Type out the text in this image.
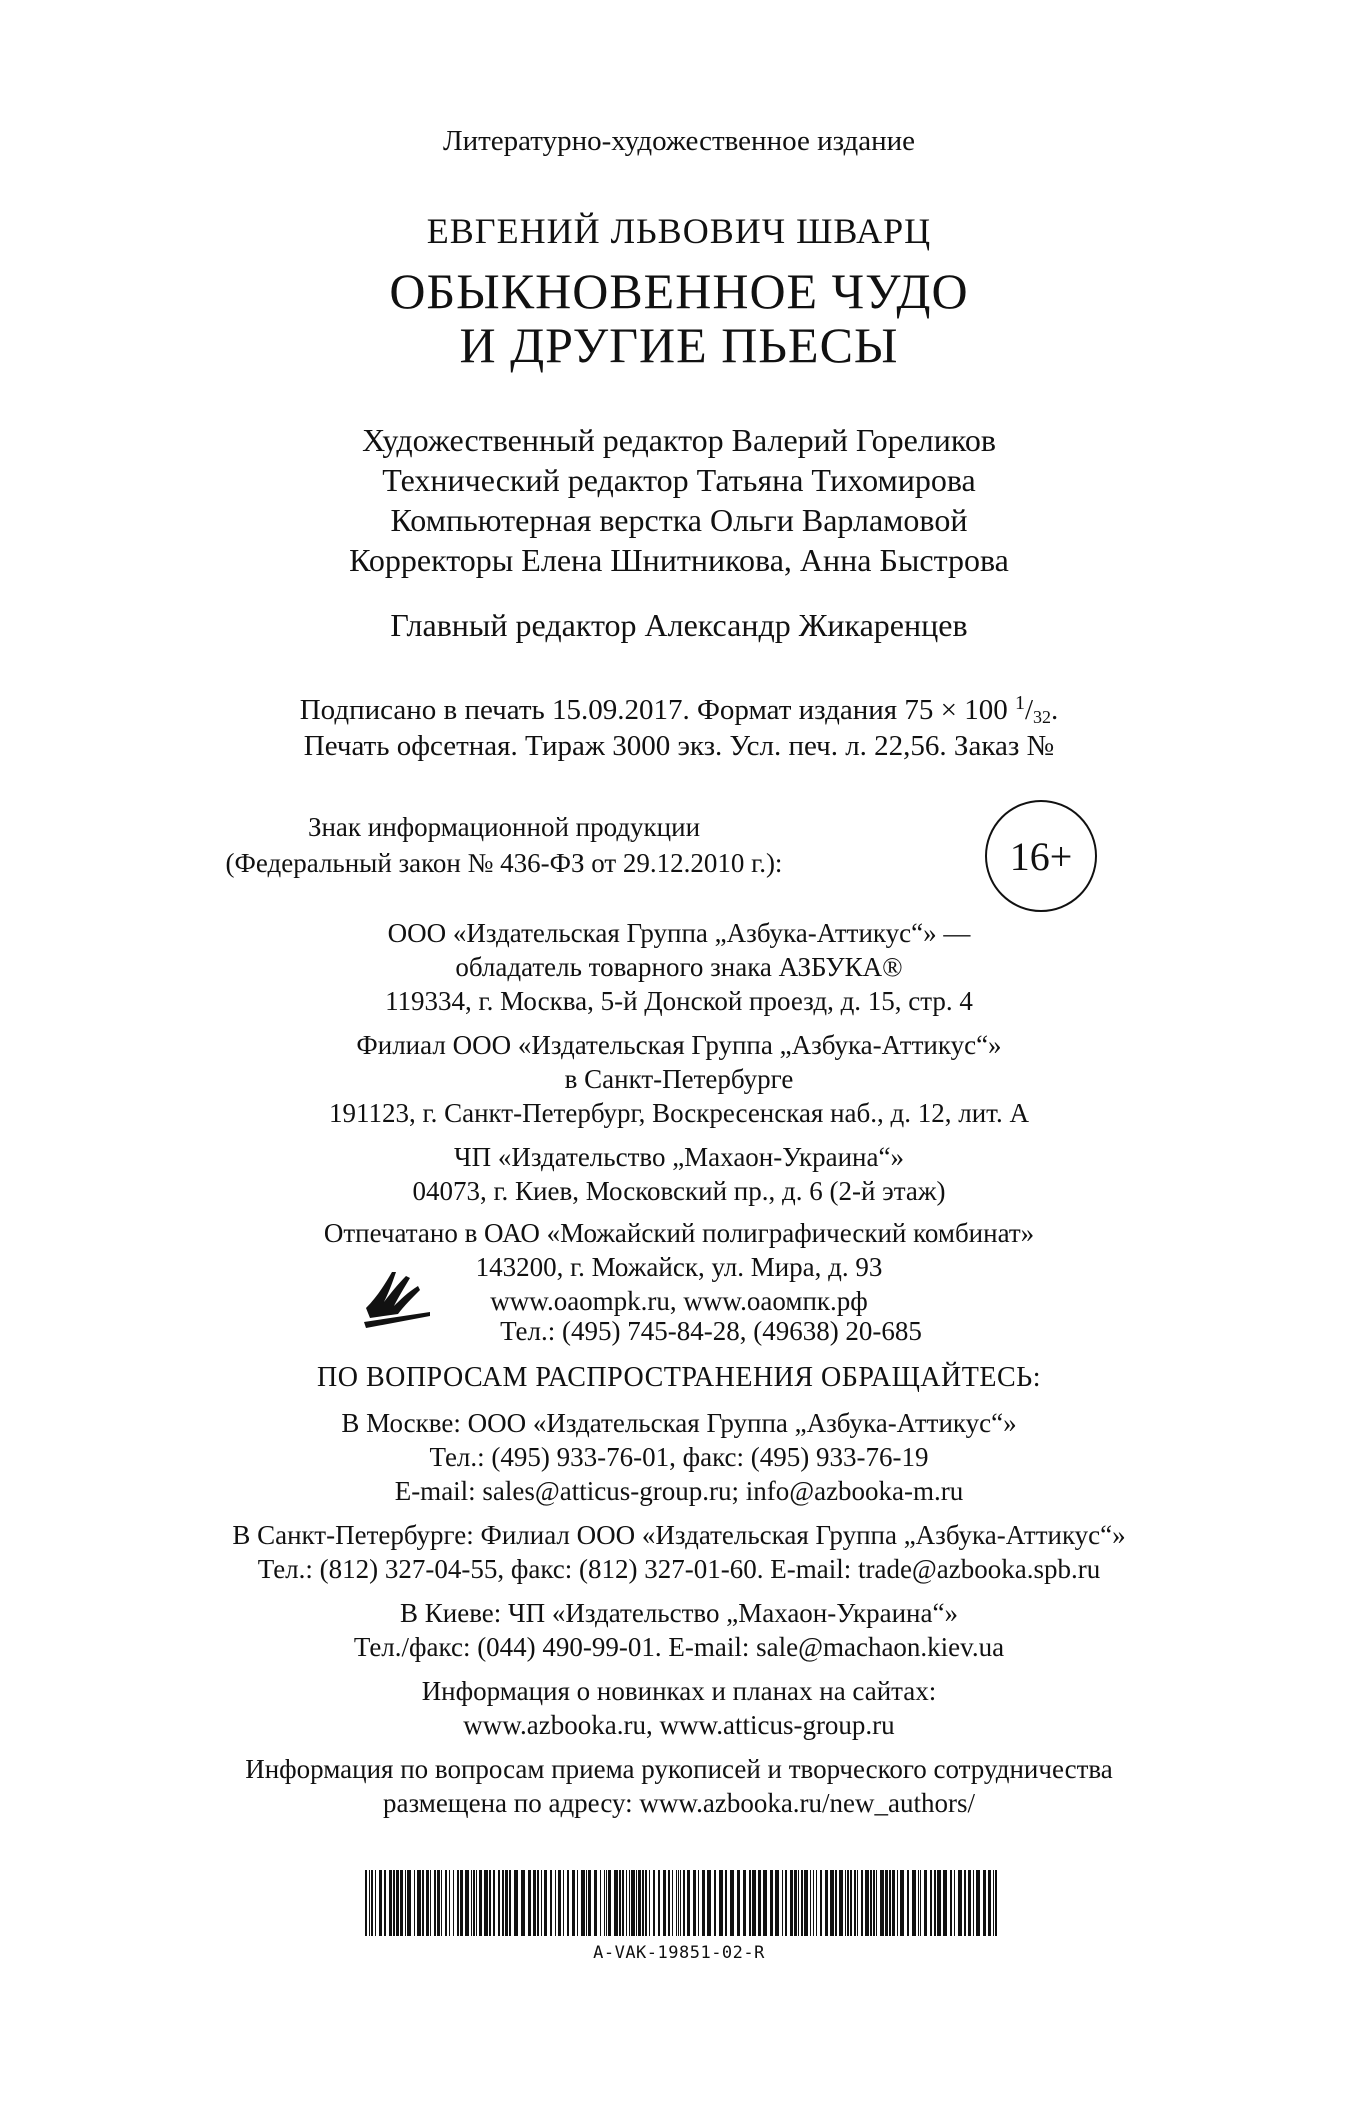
Литературно-художественное издание
ЕВГЕНИЙ ЛЬВОВИЧ ШВАРЦ
ОБЫКНОВЕННОЕ ЧУДО
И ДРУГИЕ ПЬЕСЫ
Художественный редактор Валерий Гореликов
Технический редактор Татьяна Тихомирова
Компьютерная верстка Ольги Варламовой
Корректоры Елена Шнитникова, Анна Быстрова
Главный редактор Александр Жикаренцев
Подписано в печать 15.09.2017. Формат издания 75 × 100 $^1/_{32}$.
Печать офсетная. Тираж 3000 экз. Усл. печ. л. 22,56. Заказ №
Знак информационной продукции
(Федеральный закон № 436-ФЗ от 29.12.2010 г.):	16+
ООО «Издательская Группа „Азбука-Аттикус“» —
обладатель товарного знака АЗБУКА®
119334, г. Москва, 5-й Донской проезд, д. 15, стр. 4
Филиал ООО «Издательская Группа „Азбука-Аттикус“»
в Санкт-Петербурге
191123, г. Санкт-Петербург, Воскресенская наб., д. 12, лит. А
ЧП «Издательство „Махаон-Украина“»
04073, г. Киев, Московский пр., д. 6 (2-й этаж)
Отпечатано в ОАО «Можайский полиграфический комбинат»
143200, г. Можайск, ул. Мира, д. 93
www.oaompk.ru, www.оаомпк.рф
Тел.: (495) 745-84-28, (49638) 20-685
ПО ВОПРОСАМ РАСПРОСТРАНЕНИЯ ОБРАЩАЙТЕСЬ:
В Москве: ООО «Издательская Группа „Азбука-Аттикус“»
Тел.: (495) 933-76-01, факс: (495) 933-76-19
E-mail: sales@atticus-group.ru; info@azbooka-m.ru
В Санкт-Петербурге: Филиал ООО «Издательская Группа „Азбука-Аттикус“»
Тел.: (812) 327-04-55, факс: (812) 327-01-60. E-mail: trade@azbooka.spb.ru
В Киеве: ЧП «Издательство „Махаон-Украина“»
Тел./факс: (044) 490-99-01. E-mail: sale@machaon.kiev.ua
Информация о новинках и планах на сайтах:
www.azbooka.ru, www.atticus-group.ru
Информация по вопросам приема рукописей и творческого сотрудничества
размещена по адресу: www.azbooka.ru/new_authors/
A-VAK-19851-02-R
